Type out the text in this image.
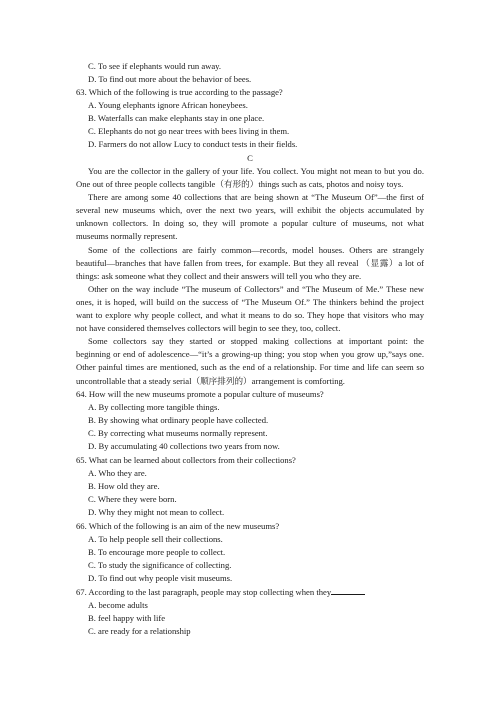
C. To see if elephants would run away.
D. To find out more about the behavior of bees.
63. Which of the following is true according to the passage?
A. Young elephants ignore African honeybees.
B. Waterfalls can make elephants stay in one place.
C. Elephants do not go near trees with bees living in them.
D. Farmers do not allow Lucy to conduct tests in their fields.
C
You are the collector in the gallery of your life. You collect. You might not mean to but you do.
One out of three people collects tangible（有形的）things such as cats, photos and noisy toys.
There are among some 40 collections that are being shown at “The Museum Of”—the first of
several new museums which, over the next two years, will exhibit the objects accumulated by
unknown collectors. In doing so, they will promote a popular culture of museums, not what
museums normally represent.
Some of the collections are fairly common—records, model houses. Others are strangely
beautiful—branches that have fallen from trees, for example. But they all reveal （显露）a lot of
things: ask someone what they collect and their answers will tell you who they are.
Other on the way include “The museum of Collectors” and “The Museum of Me.” These new
ones, it is hoped, will build on the success of “The Museum Of.” The thinkers behind the project
want to explore why people collect, and what it means to do so. They hope that visitors who may
not have considered themselves collectors will begin to see they, too, collect.
Some collectors say they started or stopped making collections at important point: the
beginning or end of adolescence—“it’s a growing-up thing; you stop when you grow up,”says one.
Other painful times are mentioned, such as the end of a relationship. For time and life can seem so
uncontrollable that a steady serial（顺序排列的）arrangement is comforting.
64. How will the new museums promote a popular culture of museums?
A. By collecting more tangible things.
B. By showing what ordinary people have collected.
C. By correcting what museums normally represent.
D. By accumulating 40 collections two years from now.
65. What can be learned about collectors from their collections?
A. Who they are.
B. How old they are.
C. Where they were born.
D. Why they might not mean to collect.
66. Which of the following is an aim of the new museums?
A. To help people sell their collections.
B. To encourage more people to collect.
C. To study the significance of collecting.
D. To find out why people visit museums.
67. According to the last paragraph, people may stop collecting when they
A. become adults
B. feel happy with life
C. are ready for a relationship
